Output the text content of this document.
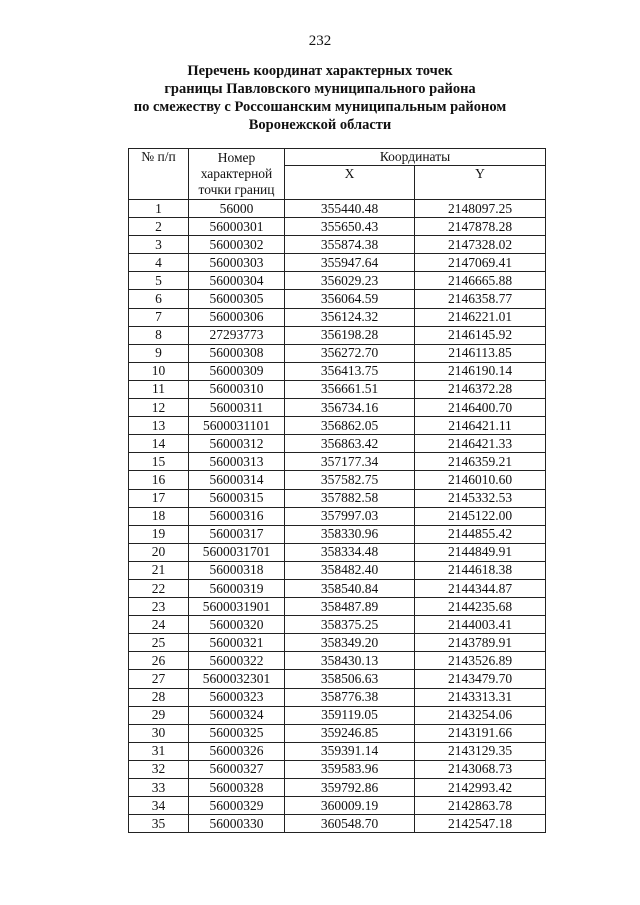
232
Перечень координат характерных точек
границы Павловского муниципального района
по смежеству с Россошанским муниципальным районом
Воронежской области
№ п/п	Номер характерной точки границ	Координаты	
		X	Y
1	56000	355440.48	2148097.25
2	56000301	355650.43	2147878.28
3	56000302	355874.38	2147328.02
4	56000303	355947.64	2147069.41
5	56000304	356029.23	2146665.88
6	56000305	356064.59	2146358.77
7	56000306	356124.32	2146221.01
8	27293773	356198.28	2146145.92
9	56000308	356272.70	2146113.85
10	56000309	356413.75	2146190.14
11	56000310	356661.51	2146372.28
12	56000311	356734.16	2146400.70
13	5600031101	356862.05	2146421.11
14	56000312	356863.42	2146421.33
15	56000313	357177.34	2146359.21
16	56000314	357582.75	2146010.60
17	56000315	357882.58	2145332.53
18	56000316	357997.03	2145122.00
19	56000317	358330.96	2144855.42
20	5600031701	358334.48	2144849.91
21	56000318	358482.40	2144618.38
22	56000319	358540.84	2144344.87
23	5600031901	358487.89	2144235.68
24	56000320	358375.25	2144003.41
25	56000321	358349.20	2143789.91
26	56000322	358430.13	2143526.89
27	5600032301	358506.63	2143479.70
28	56000323	358776.38	2143313.31
29	56000324	359119.05	2143254.06
30	56000325	359246.85	2143191.66
31	56000326	359391.14	2143129.35
32	56000327	359583.96	2143068.73
33	56000328	359792.86	2142993.42
34	56000329	360009.19	2142863.78
35	56000330	360548.70	2142547.18
